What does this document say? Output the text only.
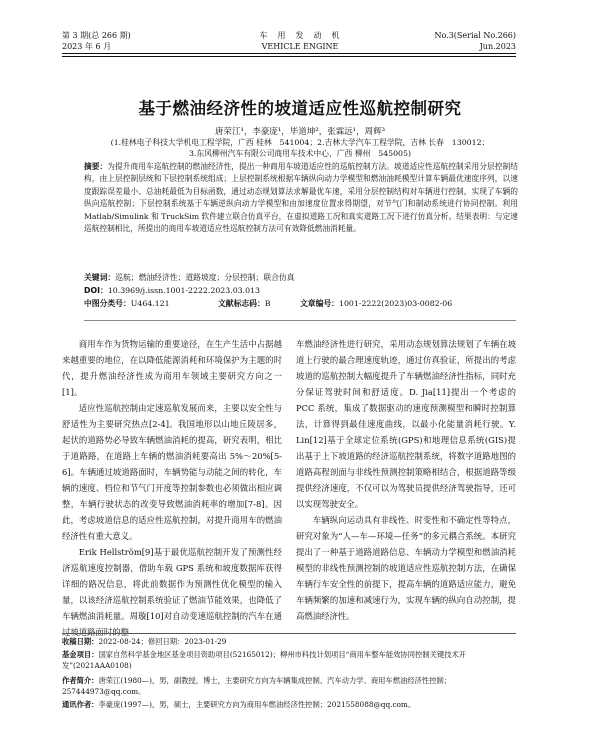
第 3 期(总 266 期)
2023 年 6 月
车　用　发　动　机
VEHICLE ENGINE
No.3(Serial No.266)
Jun.2023
基于燃油经济性的坡道适应性巡航控制研究
唐荣江¹，李豪庞¹，毕道坤²，张霖远¹，周辉³
(1.桂林电子科技大学机电工程学院，广西 桂林　541004；2.吉林大学汽车工程学院，吉林 长春　130012；
3.东风柳州汽车有限公司商用车技术中心，广西 柳州　545005)
摘要：为提升商用车巡航控制的燃油经济性，提出一种商用车坡道适应性的巡航控制方法。坡道适应性巡航控制采用分层控制结构，由上层控制层统和下层控制系统组成；上层控制系统根据车辆纵向动力学模型和燃油油耗模型计算车辆最优速度序列，以速度跟踪误差最小、总油耗最低为目标函数，通过动态规划算法求解最优车速，采用分层控制结构对车辆进行控制，实现了车辆的纵向巡航控制；下层控制系统基于车辆逆纵向动力学模型和由加速度位置求得期望，对节气门和制动系统进行协同控制。利用 Matlab/Simulink 和 TruckSim 软件建立联合仿真平台，在虚拟道路工况和真实道路工况下进行仿真分析。结果表明：与定速巡航控制相比，所提出的商用车坡道适应性巡航控制方法可有效降低燃油消耗量。
关键词：巡航；燃油经济性；道路坡度；分层控制；联合仿真
DOI：10.3969/j.issn.1001-2222.2023.03.013
中图分类号：U464.121	文献标志码：B	文章编号：1001-2222(2023)03-0082-06

商用车作为货物运输的重要途径，在生产生活中占据越来越重要的地位，在以降低能源消耗和环境保护为主题的时代，提升燃油经济性成为商用车领域主要研究方向之一[1]。

适应性巡航控制由定速巡航发展而来，主要以安全性与舒适性为主要研究热点[2-4]。我国地形以山地丘陵居多，起伏的道路势必导致车辆燃油消耗的提高，研究表明，相比于道路路，在道路上车辆的燃油消耗要高出 5%～20%[5-6]。车辆通过坡道路面时，车辆势能与动能之间的转化，车辆的速度、档位和节气门开度等控制参数也必须做出相应调整，车辆行驶状态的改变导致燃油消耗率的增加[7-8]。因此，考虑坡道信息的适应性巡航控制，对提升商用车的燃油经济性有重大意义。

Erik Hellström[9]基于最优巡航控制开发了预测性经济巡航速度控制器，借助车载 GPS 系统和坡度数据库获得详细的路况信息，将此前数据作为预测性优化模型的输入量，以该经济巡航控制系统验证了燃油节能效果，也降低了车辆燃油消耗量。周璇[10]对自动变速巡航控制的汽车在通过坡道路面时的整

车燃油经济性进行研究，采用动态规划算法规划了车辆在坡道上行驶的最合理速度轨迹，通过仿真验证，所提出的考虑坡道的巡航控制大幅度提升了车辆燃油经济性指标，同时充分保证驾驶时间和舒适度。D. Jia[11]提出一个考虑的 PCC 系统，集成了数据驱动的速度预测模型和瞬时控制算法，计算得到最佳速度曲线，以最小化能量消耗行驶。Y. Lin[12]基于全球定位系统(GPS)和地理信息系统(GIS)提出基于上下坡道路的经济巡航控制系统，将数字道路地图的道路高程剖面与非线性预测控制策略相结合，根据道路等级提供经济速度，不仅可以为驾驶员提供经济驾驶指导，还可以实现驾驶安全。

车辆纵向运动具有非线性、时变性和不确定性等特点，研究对象为“人—车—环境—任务”的多元耦合系统。本研究提出了一种基于道路道路信息、车辆动力学模型和燃油消耗模型的非线性预测控制的坡道适应性巡航控制方法，在确保车辆行车安全性的前提下，提高车辆的道路适应能力，避免车辆频繁的加速和减速行为，实现车辆的纵向自动控制，提高燃油经济性。

收稿日期：2022-08-24；修回日期：2023-01-29
基金项目：国家自然科学基金地区基金项目资助项目(52165012)；柳州市科技计划项目“商用车整车能效协同控制关键技术开发”(2021AAA0108)
作者简介：唐荣江(1980—)，男，副教授，博士，主要研究方向为车辆集成控制、汽车动力学、商用车燃油经济性控制；257444973@qq.com。
通讯作者：李豪庞(1997—)，男，硕士，主要研究方向为商用车燃油经济性控制；2021558088@qq.com。
